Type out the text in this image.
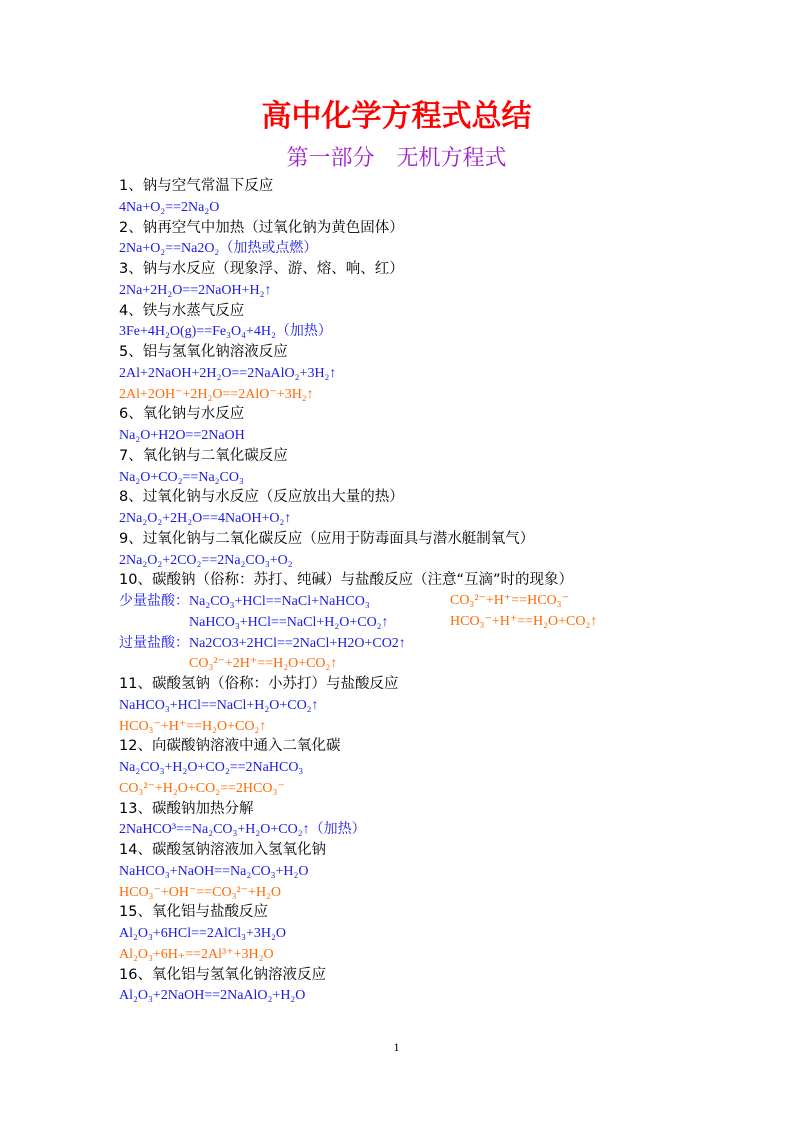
高中化学方程式总结
第一部分　无机方程式
1、钠与空气常温下反应
4Na+O₂==2Na₂O
2、钠再空气中加热（过氧化钠为黄色固体）
2Na+O₂==Na2O₂（加热或点燃）
3、钠与水反应（现象浮、游、熔、响、红）
2Na+2H₂O==2NaOH+H₂↑
4、铁与水蒸气反应
3Fe+4H₂O(g)==Fe₃O₄+4H₂（加热）
5、铝与氢氧化钠溶液反应
2Al+2NaOH+2H₂O==2NaAlO₂+3H₂↑
2Al+2OH⁻+2H₂O==2AlO⁻+3H₂↑
6、氧化钠与水反应
Na₂O+H2O==2NaOH
7、氧化钠与二氧化碳反应
Na₂O+CO₂==Na₂CO₃
8、过氧化钠与水反应（反应放出大量的热）
2Na₂O₂+2H₂O==4NaOH+O₂↑
9、过氧化钠与二氧化碳反应（应用于防毒面具与潜水艇制氧气）
2Na₂O₂+2CO₂==2Na₂CO₃+O₂
10、碳酸钠（俗称：苏打、纯碱）与盐酸反应（注意“互滴”时的现象）
少量盐酸：Na₂CO₃+HCl==NaCl+NaHCO₃	CO₃²⁻+H⁺==HCO₃⁻
　　　　　NaHCO₃+HCl==NaCl+H₂O+CO₂↑	HCO₃⁻+H⁺==H₂O+CO₂↑
过量盐酸：Na2CO3+2HCl==2NaCl+H2O+CO2↑
　　　　　CO₃²⁻+2H⁺==H₂O+CO₂↑
11、碳酸氢钠（俗称：小苏打）与盐酸反应
NaHCO₃+HCl==NaCl+H₂O+CO₂↑
HCO₃⁻+H⁺==H₂O+CO₂↑
12、向碳酸钠溶液中通入二氧化碳
Na₂CO₃+H₂O+CO₂==2NaHCO₃
CO₃²⁻+H₂O+CO₂==2HCO₃⁻
13、碳酸钠加热分解
2NaHCO³==Na₂CO₃+H₂O+CO₂↑（加热）
14、碳酸氢钠溶液加入氢氧化钠
NaHCO₃+NaOH==Na₂CO₃+H₂O
HCO₃⁻+OH⁻==CO₃²⁻+H₂O
15、氧化铝与盐酸反应
Al₂O₃+6HCl==2AlCl₃+3H₂O
Al₂O₃+6H₊==2Al³⁺+3H₂O
16、氧化铝与氢氧化钠溶液反应
Al₂O₃+2NaOH==2NaAlO₂+H₂O
1
